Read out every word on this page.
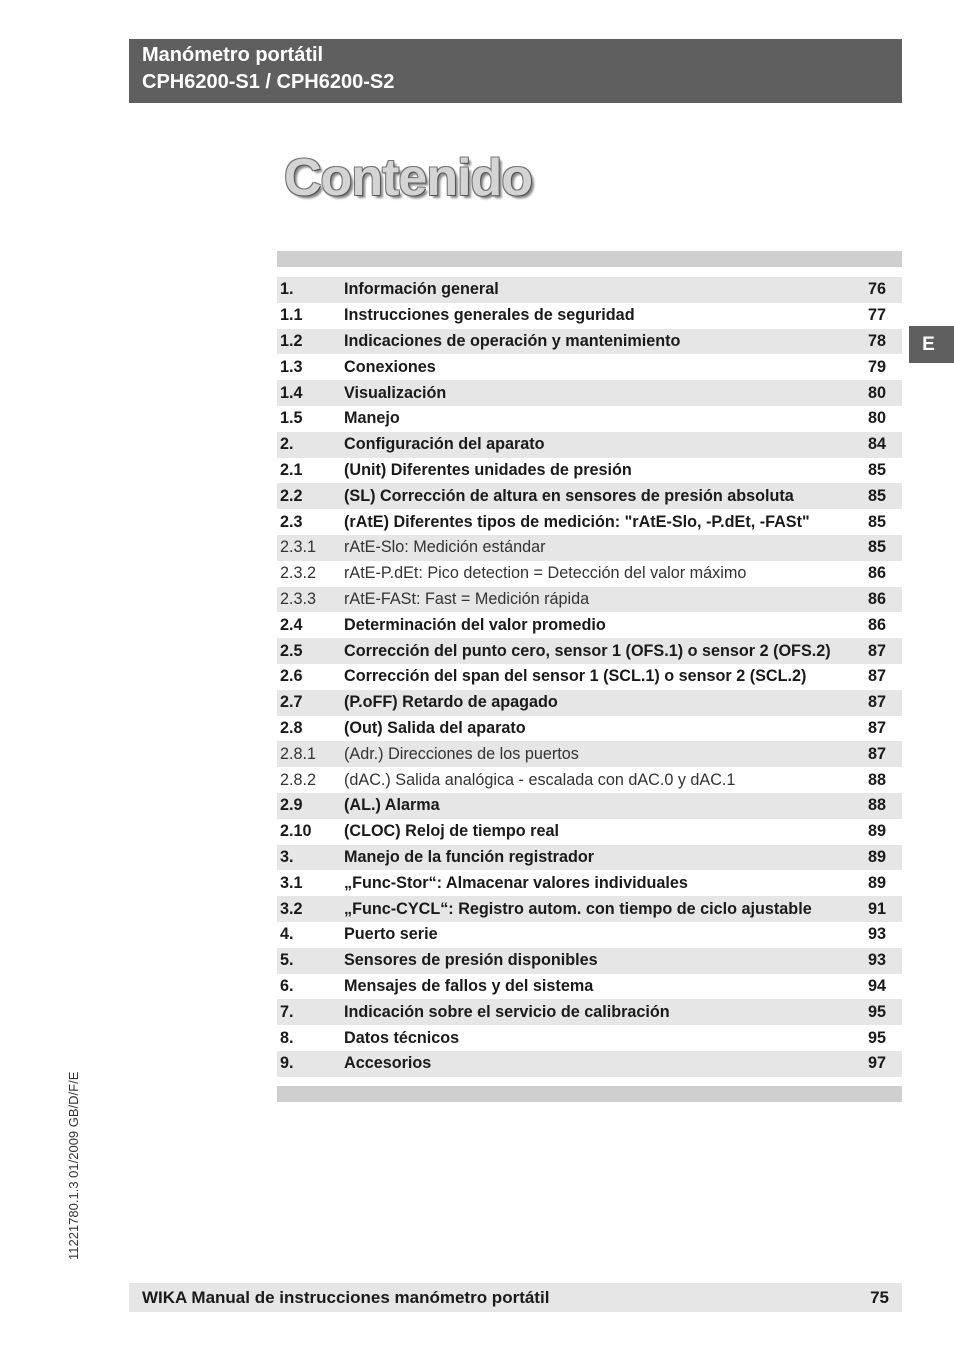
Manómetro portátil
CPH6200-S1 / CPH6200-S2
Contenido
1.	Información general	76
1.1	Instrucciones generales de seguridad	77
1.2	Indicaciones de operación y mantenimiento	78
1.3	Conexiones	79
1.4	Visualización	80
1.5	Manejo	80
2.	Configuración del aparato	84
2.1	(Unit) Diferentes unidades de presión	85
2.2	(SL) Corrección de altura en sensores de presión absoluta	85
2.3	(rAtE) Diferentes tipos de medición: "rAtE-Slo, -P.dEt, -FASt"	85
2.3.1	rAtE-Slo: Medición estándar	85
2.3.2	rAtE-P.dEt: Pico detection = Detección del valor máximo	86
2.3.3	rAtE-FASt: Fast = Medición rápida	86
2.4	Determinación del valor promedio	86
2.5	Corrección del punto cero, sensor 1 (OFS.1) o sensor 2 (OFS.2)	87
2.6	Corrección del span del sensor 1 (SCL.1) o sensor 2 (SCL.2)	87
2.7	(P.oFF) Retardo de apagado	87
2.8	(Out) Salida del aparato	87
2.8.1	(Adr.) Direcciones de los puertos	87
2.8.2	(dAC.) Salida analógica - escalada con dAC.0 y dAC.1	88
2.9	(AL.) Alarma	88
2.10	(CLOC) Reloj de tiempo real	89
3.	Manejo de la función registrador	89
3.1	„Func-Stor“: Almacenar valores individuales	89
3.2	„Func-CYCL“: Registro autom. con tiempo de ciclo ajustable	91
4.	Puerto serie	93
5.	Sensores de presión disponibles	93
6.	Mensajes de fallos y del sistema	94
7.	Indicación sobre el servicio de calibración	95
8.	Datos técnicos	95
9.	Accesorios	97
E
11221780.1.3 01/2009 GB/D/F/E
WIKA Manual de instrucciones manómetro portátil	75
